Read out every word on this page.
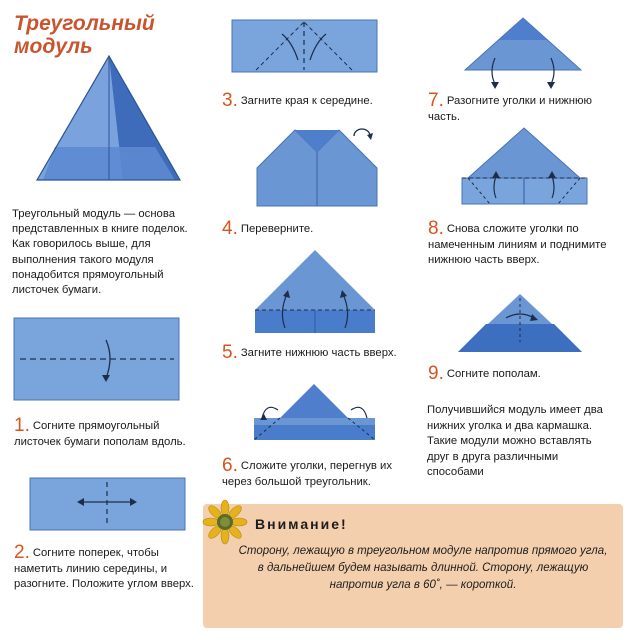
Треугольный
модуль
Треугольный модуль — основа представленных в книге поделок. Как говорилось выше, для выполнения такого модуля понадобится прямоугольный листочек бумаги.
1. Согните прямоугольный листочек бумаги пополам вдоль.
2. Согните поперек, чтобы наметить линию середины, и разогните. Положите углом вверх.
3. Загните края к середине.
4. Переверните.
5. Загните нижнюю часть вверх.
6. Сложите уголки, перегнув их через большой треугольник.
7. Разогните уголки и нижнюю часть.
8. Снова сложите уголки по намеченным линиям и поднимите нижнюю часть вверх.
9. Согните пополам.
Получившийся модуль имеет два нижних уголка и два кармашка. Такие модули можно вставлять друг в друга различными способами
Внимание!
Сторону, лежащую в треугольном модуле напротив прямого угла, в дальнейшем будем называть длинной. Сторону, лежащую напротив угла в 60˚, — короткой.
